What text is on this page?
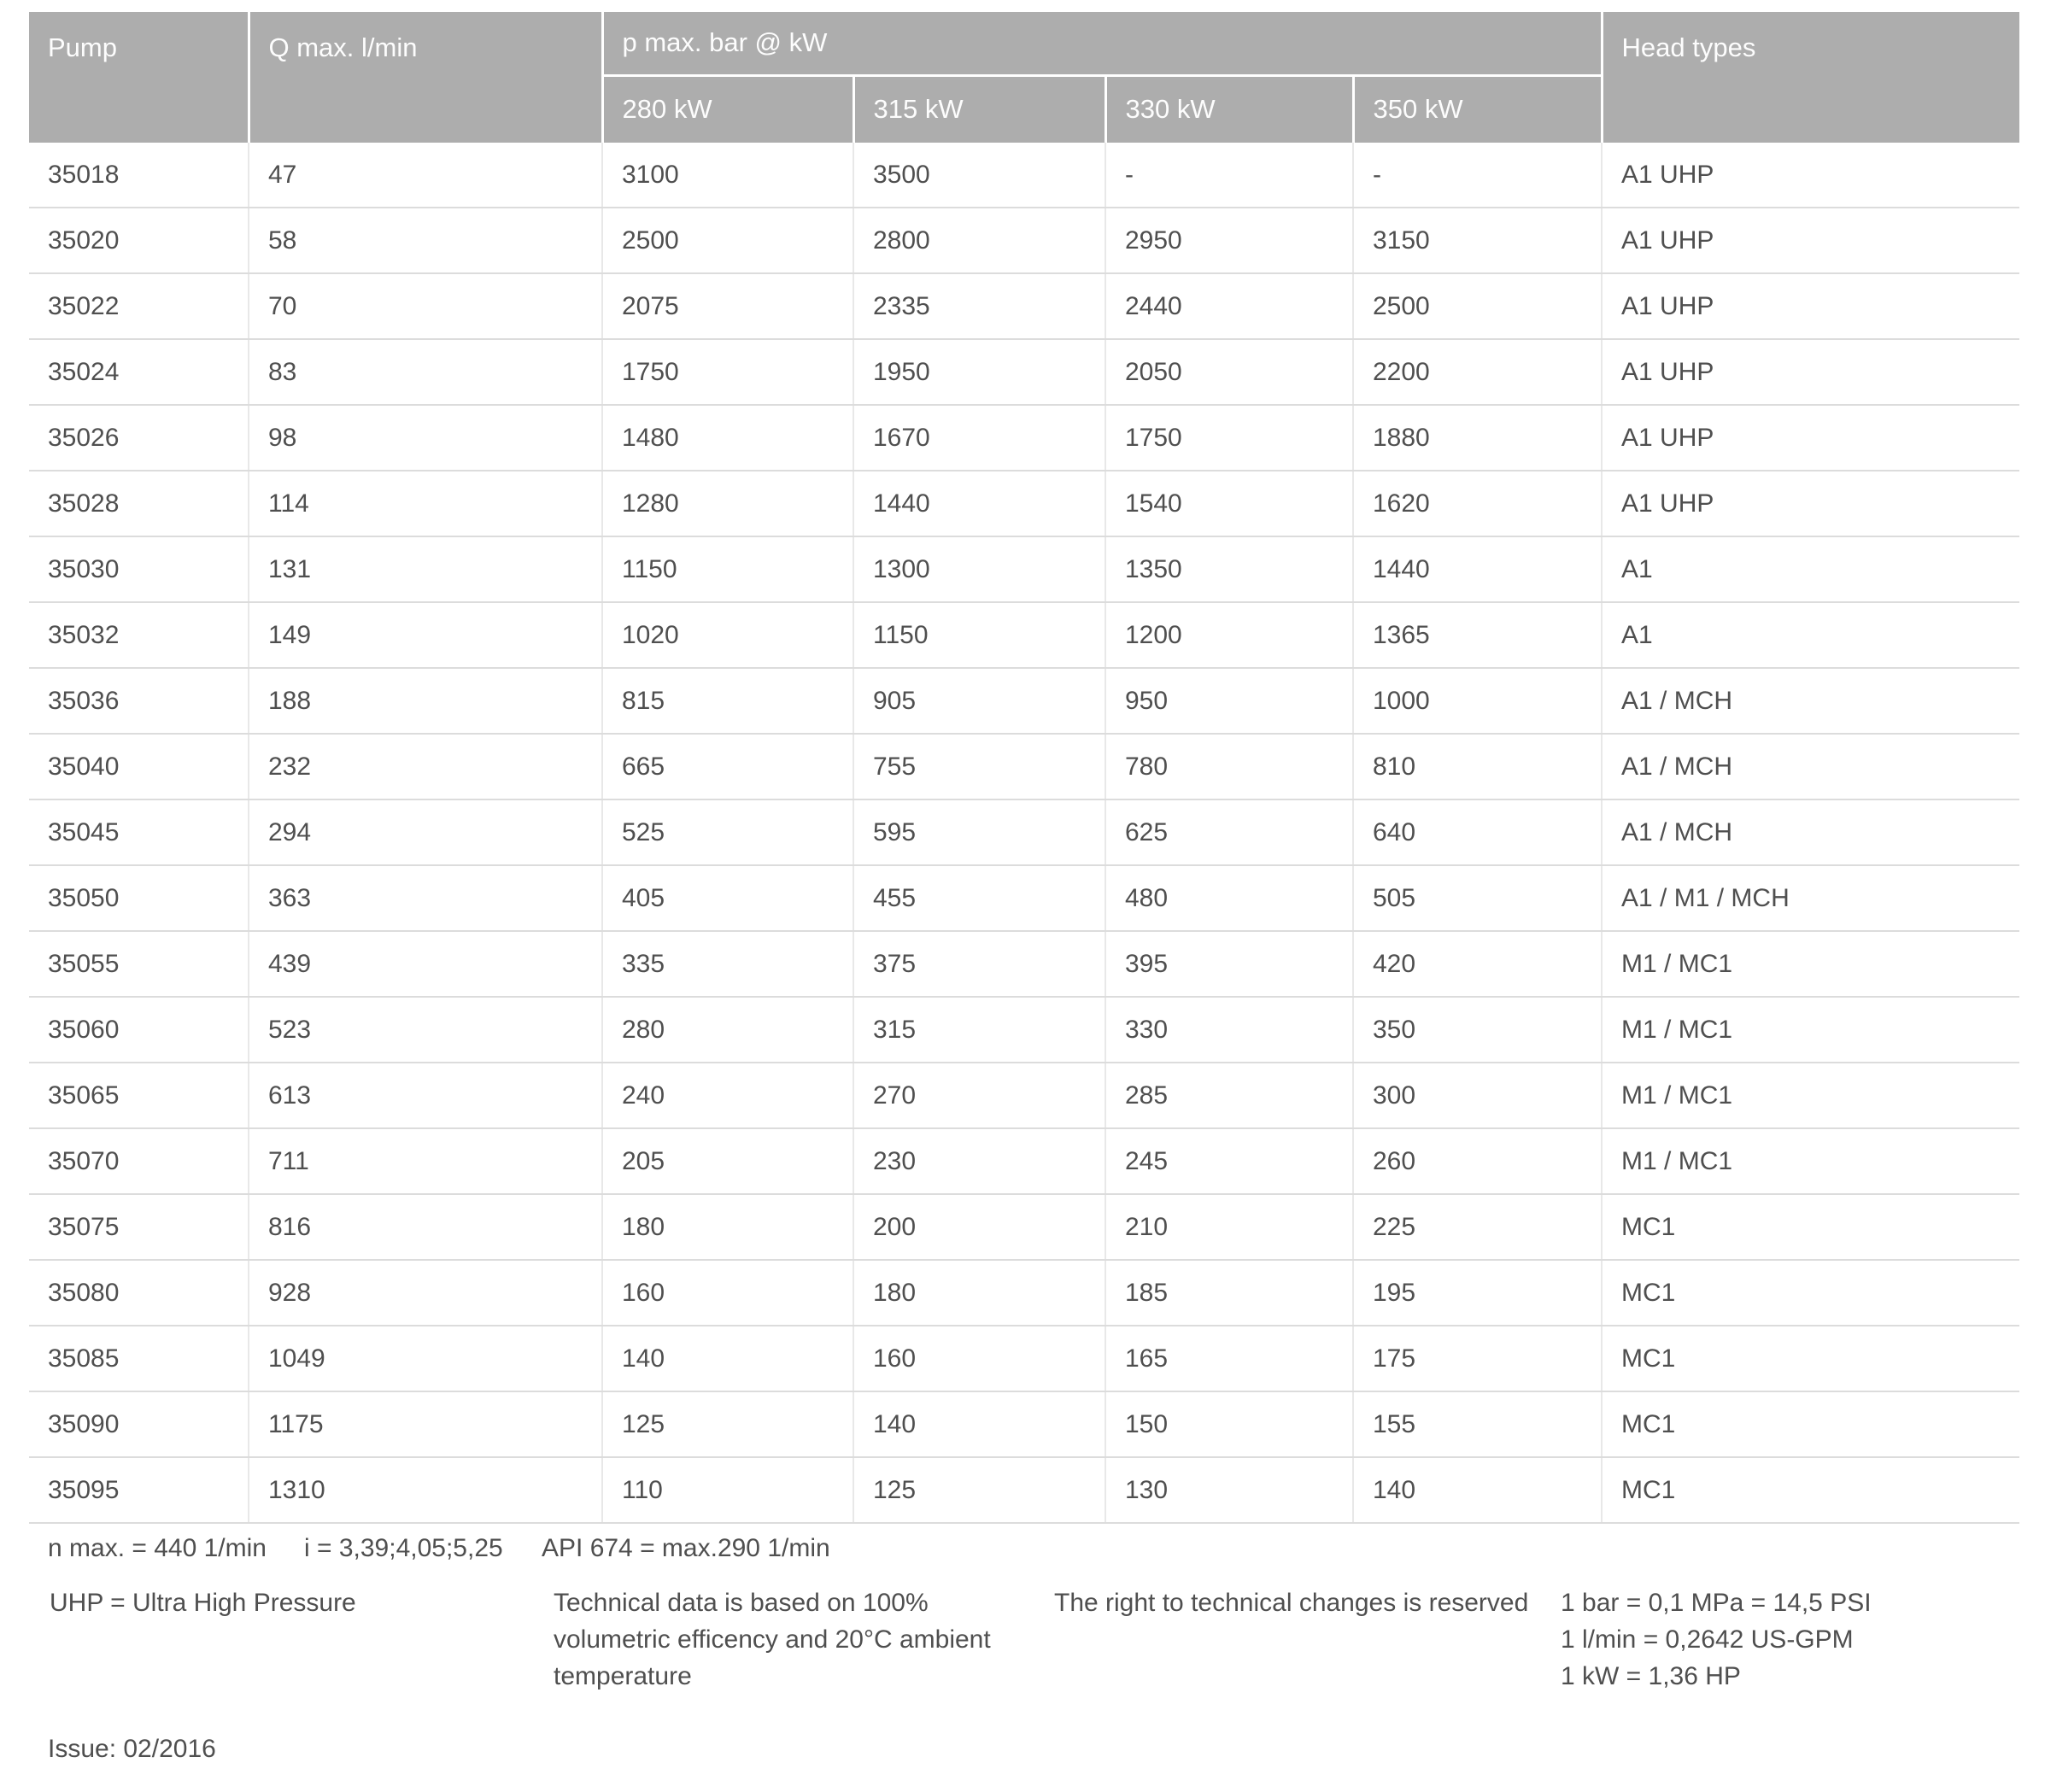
Pump	Q max. l/min	p max. bar @ kW				Head types
		280 kW	315 kW	330 kW	350 kW	
35018	47	3100	3500	-	-	A1 UHP
35020	58	2500	2800	2950	3150	A1 UHP
35022	70	2075	2335	2440	2500	A1 UHP
35024	83	1750	1950	2050	2200	A1 UHP
35026	98	1480	1670	1750	1880	A1 UHP
35028	114	1280	1440	1540	1620	A1 UHP
35030	131	1150	1300	1350	1440	A1
35032	149	1020	1150	1200	1365	A1
35036	188	815	905	950	1000	A1 / MCH
35040	232	665	755	780	810	A1 / MCH
35045	294	525	595	625	640	A1 / MCH
35050	363	405	455	480	505	A1 / M1 / MCH
35055	439	335	375	395	420	M1 / MC1
35060	523	280	315	330	350	M1 / MC1
35065	613	240	270	285	300	M1 / MC1
35070	711	205	230	245	260	M1 / MC1
35075	816	180	200	210	225	MC1
35080	928	160	180	185	195	MC1
35085	1049	140	160	165	175	MC1
35090	1175	125	140	150	155	MC1
35095	1310	110	125	130	140	MC1
n max. = 440 1/min i = 3,39;4,05;5,25 API 674 = max.290 1/min
UHP = Ultra High Pressure	Technical data is based on 100%
volumetric efficency and 20°C ambient
temperature
The right to technical changes is reserved 1 bar = 0,1 MPa = 14,5 PSI
1 l/min = 0,2642 US-GPM
1 kW = 1,36 HP
Issue: 02/2016
